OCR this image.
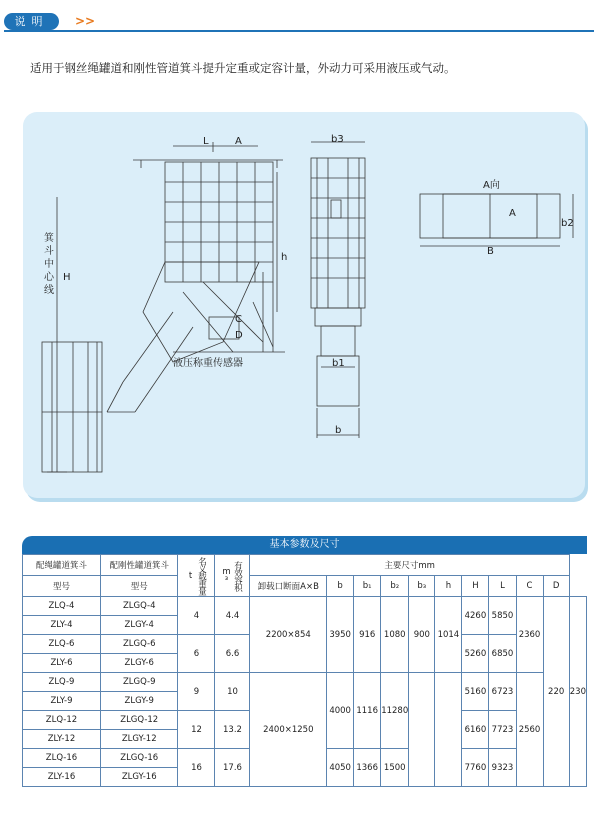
说明	>>
适用于钢丝绳罐道和刚性管道箕斗提升定重或定容计量，外动力可采用液压或气动。
L	A
H
h
b3
b1
b
C
D
液压称重传感器
箕斗中心线
A向
A
B
b2
基本参数及尺寸
配绳罐道箕斗	配刚性罐道箕斗	名义载重量t	有效容积m³	主要尺寸mm										
				卸载口断面A×B	b	b₁	b₂	b₃	h	H	L	C	D	
型号	型号													
ZLQ-4	ZLGQ-4	4	4.4	2200×854	3950	916	1080	900	1014	4260	5850	2360	220	230
ZLY-4	ZLGY-4													
ZLQ-6	ZLGQ-6	6	6.6							5260	6850			
ZLY-6	ZLGY-6													
ZLQ-9	ZLGQ-9	9	10	2400×1250	4000	1116	11280			5160	6723	2560		
ZLY-9	ZLGY-9													
ZLQ-12	ZLGQ-12	12	13.2							6160	7723			
ZLY-12	ZLGY-12													
ZLQ-16	ZLGQ-16	16	17.6		4050	1366	1500			7760	9323			
ZLY-16	ZLGY-16													
